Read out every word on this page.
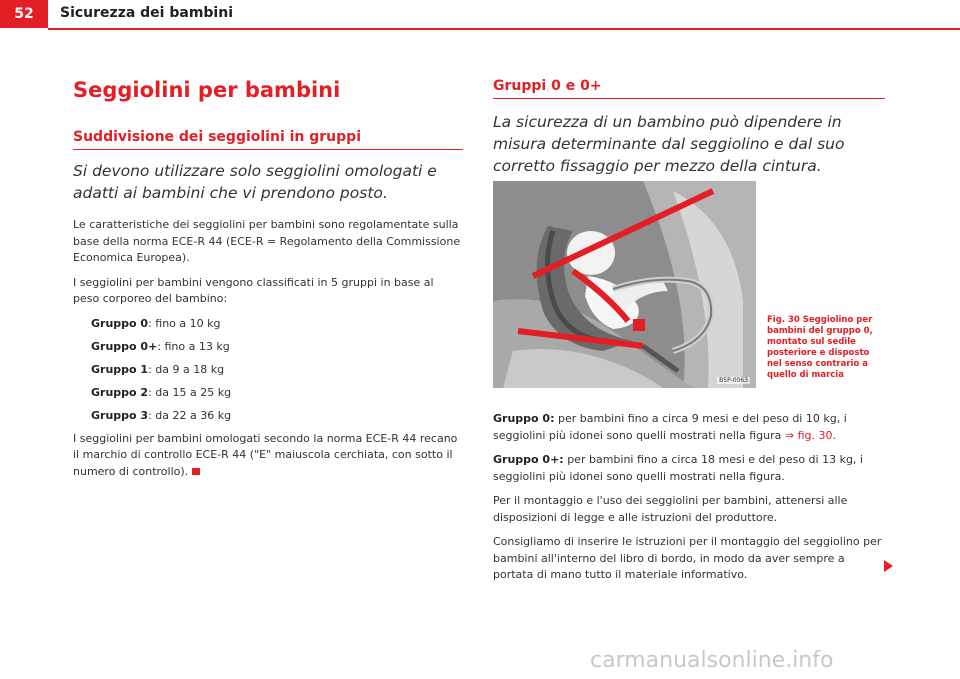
52	Sicurezza dei bambini
Seggiolini per bambini
Suddivisione dei seggiolini in gruppi

Si devono utilizzare solo seggiolini omologati e adatti ai bambini che vi prendono posto.

Le caratteristiche dei seggiolini per bambini sono regolamentate sulla base della norma ECE-R 44 (ECE-R = Regolamento della Commissione Economica Europea).

I seggiolini per bambini vengono classificati in 5 gruppi in base al peso corporeo del bambino:

Gruppo 0: fino a 10 kg
Gruppo 0+: fino a 13 kg
Gruppo 1: da 9 a 18 kg
Gruppo 2: da 15 a 25 kg
Gruppo 3: da 22 a 36 kg

I seggiolini per bambini omologati secondo la norma ECE-R 44 recano il marchio di controllo ECE-R 44 ("E" maiuscola cerchiata, con sotto il numero di controllo).

Gruppi 0 e 0+

La sicurezza di un bambino può dipendere in misura determinante dal seggiolino e dal suo corretto fissaggio per mezzo della cintura.

B5P-0063
Fig. 30 Seggiolino per bambini del gruppo 0, montato sul sedile posteriore e disposto nel senso contrario a quello di marcia

Gruppo 0: per bambini fino a circa 9 mesi e del peso di 10 kg, i seggiolini più idonei sono quelli mostrati nella figura ⇒ fig. 30.

Gruppo 0+: per bambini fino a circa 18 mesi e del peso di 13 kg, i seggiolini più idonei sono quelli mostrati nella figura.

Per il montaggio e l'uso dei seggiolini per bambini, attenersi alle disposizioni di legge e alle istruzioni del produttore.

Consigliamo di inserire le istruzioni per il montaggio del seggiolino per bambini all'interno del libro di bordo, in modo da aver sempre a portata di mano tutto il materiale informativo.

carmanualsonline.info
